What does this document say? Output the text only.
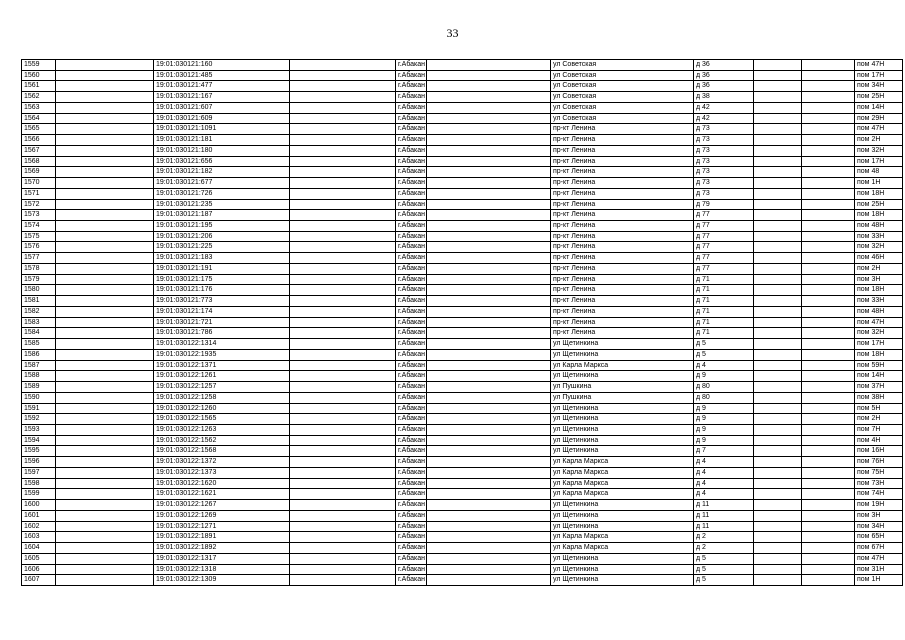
33
1559		19:01:030121:160		г.Абакан		ул Советская	д 36			пом 47Н
1560		19:01:030121:485		г.Абакан		ул Советская	д 36			пом 17Н
1561		19:01:030121:477		г.Абакан		ул Советская	д 36			пом 34Н
1562		19:01:030121:167		г.Абакан		ул Советская	д 38			пом 25Н
1563		19:01:030121:607		г.Абакан		ул Советская	д 42			пом 14Н
1564		19:01:030121:609		г.Абакан		ул Советская	д 42			пом 29Н
1565		19:01:030121:1091		г.Абакан		пр-кт Ленина	д 73			пом 47Н
1566		19:01:030121:181		г.Абакан		пр-кт Ленина	д 73			пом 2Н
1567		19:01:030121:180		г.Абакан		пр-кт Ленина	д 73			пом 32Н
1568		19:01:030121:656		г.Абакан		пр-кт Ленина	д 73			пом 17Н
1569		19:01:030121:182		г.Абакан		пр-кт Ленина	д 73			пом 48
1570		19:01:030121:677		г.Абакан		пр-кт Ленина	д 73			пом 1Н
1571		19:01:030121:726		г.Абакан		пр-кт Ленина	д 73			пом 18Н
1572		19:01:030121:235		г.Абакан		пр-кт Ленина	д 79			пом 25Н
1573		19:01:030121:187		г.Абакан		пр-кт Ленина	д 77			пом 18Н
1574		19:01:030121:195		г.Абакан		пр-кт Ленина	д 77			пом 48Н
1575		19:01:030121:206		г.Абакан		пр-кт Ленина	д 77			пом 33Н
1576		19:01:030121:225		г.Абакан		пр-кт Ленина	д 77			пом 32Н
1577		19:01:030121:183		г.Абакан		пр-кт Ленина	д 77			пом 46Н
1578		19:01:030121:191		г.Абакан		пр-кт Ленина	д 77			пом 2Н
1579		19:01:030121:175		г.Абакан		пр-кт Ленина	д 71			пом 3Н
1580		19:01:030121:176		г.Абакан		пр-кт Ленина	д 71			пом 18Н
1581		19:01:030121:773		г.Абакан		пр-кт Ленина	д 71			пом 33Н
1582		19:01:030121:174		г.Абакан		пр-кт Ленина	д 71			пом 48Н
1583		19:01:030121:721		г.Абакан		пр-кт Ленина	д 71			пом 47Н
1584		19:01:030121:786		г.Абакан		пр-кт Ленина	д 71			пом 32Н
1585		19:01:030122:1314		г.Абакан		ул Щетинкина	д 5			пом 17Н
1586		19:01:030122:1935		г.Абакан		ул Щетинкина	д 5			пом 18Н
1587		19:01:030122:1371		г.Абакан		ул Карла Маркса	д 4			пом 59Н
1588		19:01:030122:1261		г.Абакан		ул Щетинкина	д 9			пом 14Н
1589		19:01:030122:1257		г.Абакан		ул Пушкина	д 80			пом 37Н
1590		19:01:030122:1258		г.Абакан		ул Пушкина	д 80			пом 38Н
1591		19:01:030122:1260		г.Абакан		ул Щетинкина	д 9			пом 5Н
1592		19:01:030122:1565		г.Абакан		ул Щетинкина	д 9			пом 2Н
1593		19:01:030122:1263		г.Абакан		ул Щетинкина	д 9			пом 7Н
1594		19:01:030122:1562		г.Абакан		ул Щетинкина	д 9			пом 4Н
1595		19:01:030122:1568		г.Абакан		ул Щетинкина	д 7			пом 16Н
1596		19:01:030122:1372		г.Абакан		ул Карла Маркса	д 4			пом 76Н
1597		19:01:030122:1373		г.Абакан		ул Карла Маркса	д 4			пом 75Н
1598		19:01:030122:1620		г.Абакан		ул Карла Маркса	д 4			пом 73Н
1599		19:01:030122:1621		г.Абакан		ул Карла Маркса	д 4			пом 74Н
1600		19:01:030122:1267		г.Абакан		ул Щетинкина	д 11			пом 19Н
1601		19:01:030122:1269		г.Абакан		ул Щетинкина	д 11			пом 3Н
1602		19:01:030122:1271		г.Абакан		ул Щетинкина	д 11			пом 34Н
1603		19:01:030122:1891		г.Абакан		ул Карла Маркса	д 2			пом 65Н
1604		19:01:030122:1892		г.Абакан		ул Карла Маркса	д 2			пом 67Н
1605		19:01:030122:1317		г.Абакан		ул Щетинкина	д 5			пом 47Н
1606		19:01:030122:1318		г.Абакан		ул Щетинкина	д 5			пом 31Н
1607		19:01:030122:1309		г.Абакан		ул Щетинкина	д 5			пом 1Н
